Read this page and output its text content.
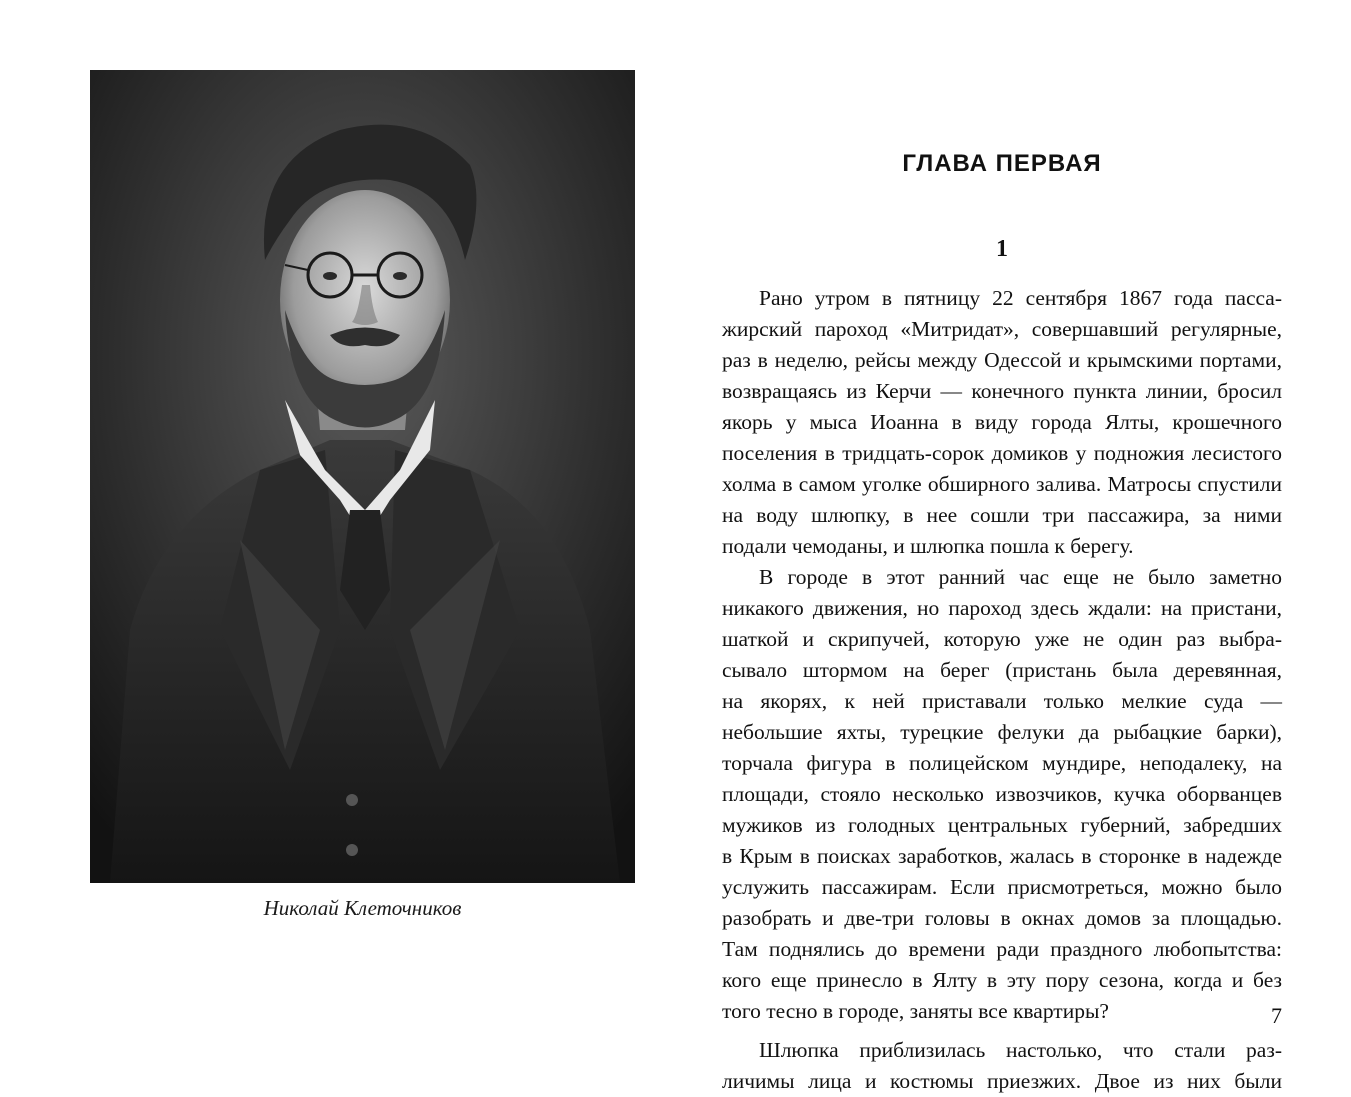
Николай Клеточников
ГЛАВА ПЕРВАЯ
1
Рано утром в пятницу 22 сентября 1867 года пасса-
жирский пароход «Митридат», совершавший регулярные,
раз в неделю, рейсы между Одессой и крымскими портами,
возвращаясь из Керчи — конечного пункта линии, бросил
якорь у мыса Иоанна в виду города Ялты, крошечного
поселения в тридцать-сорок домиков у подножия лесистого
холма в самом уголке обширного залива. Матросы спустили
на воду шлюпку, в нее сошли три пассажира, за ними
подали чемоданы, и шлюпка пошла к берегу.
В городе в этот ранний час еще не было заметно
никакого движения, но пароход здесь ждали: на пристани,
шаткой и скрипучей, которую уже не один раз выбра-
сывало штормом на берег (пристань была деревянная,
на якорях, к ней приставали только мелкие суда —
небольшие яхты, турецкие фелуки да рыбацкие барки),
торчала фигура в полицейском мундире, неподалеку, на
площади, стояло несколько извозчиков, кучка оборванцев
мужиков из голодных центральных губерний, забредших
в Крым в поисках заработков, жалась в сторонке в надежде
услужить пассажирам. Если присмотреться, можно было
разобрать и две-три головы в окнах домов за площадью.
Там поднялись до времени ради праздного любопытства:
кого еще принесло в Ялту в эту пору сезона, когда и без
того тесно в городе, заняты все квартиры?
Шлюпка приблизилась настолько, что стали раз-
личимы лица и костюмы приезжих. Двое из них были
7
